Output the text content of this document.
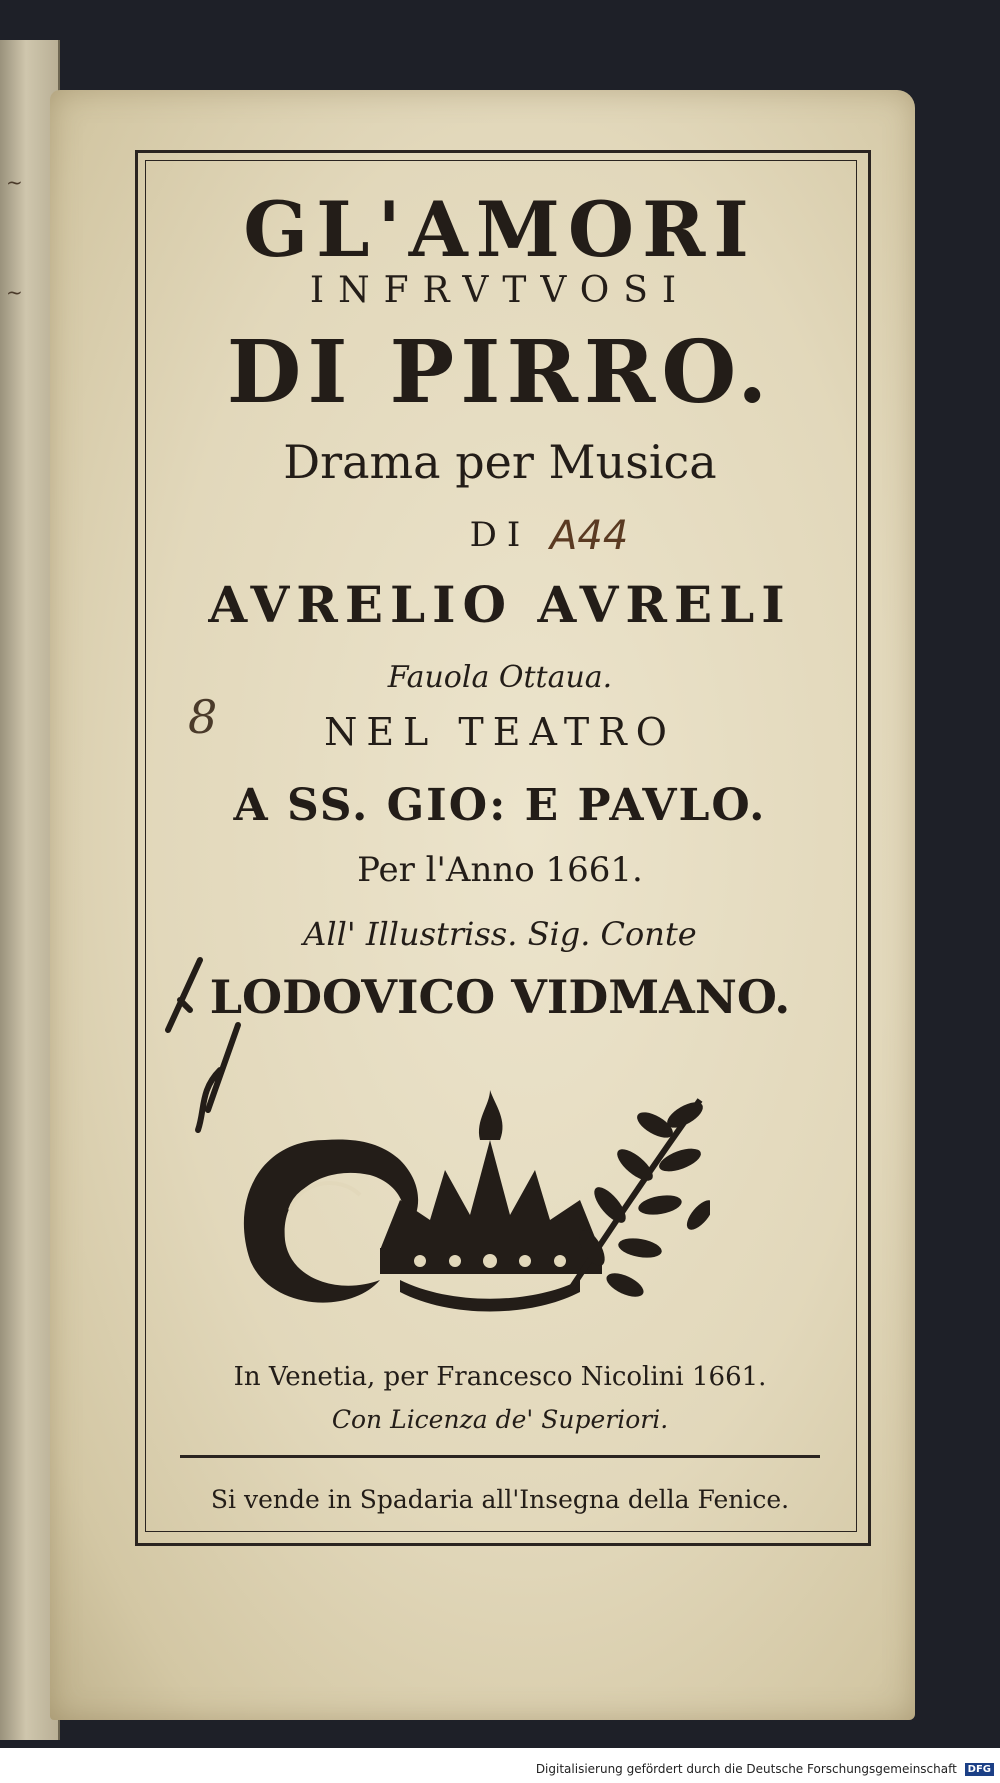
~
~
GL'AMORI
INFRVTVOSI
DI PIRRO.
Drama per Musica
DI A44
AVRELIO AVRELI
Fauola Ottaua.
8	NEL TEATRO
A SS. GIO: E PAVLO.
Per l'Anno 1661.
All' Illustriss. Sig. Conte
LODOVICO VIDMANO.
In Venetia, per Francesco Nicolini 1661.
Con Licenza de' Superiori.
Si vende in Spadaria all'Insegna della Fenice.
Digitalisierung gefördert durch die Deutsche Forschungsgemeinschaft DFG
